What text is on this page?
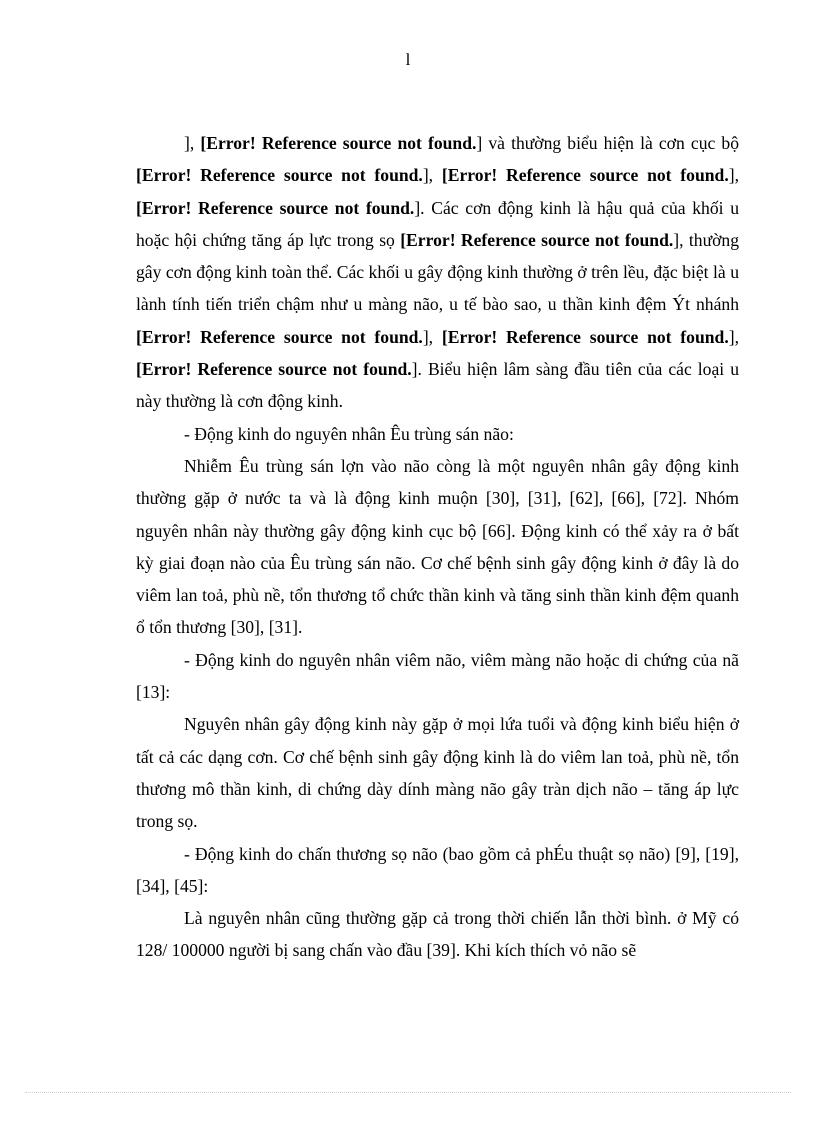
l

], [Error! Reference source not found.] và thường biểu hiện là cơn cục bộ [Error! Reference source not found.], [Error! Reference source not found.], [Error! Reference source not found.]. Các cơn động kinh là hậu quả của khối u hoặc hội chứng tăng áp lực trong sọ [Error! Reference source not found.], thường gây cơn động kinh toàn thể. Các khối u gây động kinh thường ở trên lều, đặc biệt là u lành tính tiến triển chậm như u màng não, u tế bào sao, u thần kinh đệm Ýt nhánh [Error! Reference source not found.], [Error! Reference source not found.], [Error! Reference source not found.]. Biểu hiện lâm sàng đầu tiên của các loại u này thường là cơn động kinh.

- Động kinh do nguyên nhân Êu trùng sán não:

Nhiễm Êu trùng sán lợn vào não còng là một nguyên nhân gây động kinh thường gặp ở nước ta và là động kinh muộn [30], [31], [62], [66], [72]. Nhóm nguyên nhân này thường gây động kinh cục bộ [66]. Động kinh có thể xảy ra ở bất kỳ giai đoạn nào của Êu trùng sán não. Cơ chế bệnh sinh gây động kinh ở đây là do viêm lan toả, phù nề, tổn thương tổ chức thần kinh và tăng sinh thần kinh đệm quanh ổ tổn thương [30], [31].

- Động kinh do nguyên nhân viêm não, viêm màng não hoặc di chứng của nã [13]:

Nguyên nhân gây động kinh này gặp ở mọi lứa tuổi và động kinh biểu hiện ở tất cả các dạng cơn. Cơ chế bệnh sinh gây động kinh là do viêm lan toả, phù nề, tổn thương mô thần kinh, di chứng dày dính màng não gây tràn dịch não – tăng áp lực trong sọ.

- Động kinh do chấn thương sọ não (bao gồm cả phÉu thuật sọ não) [9], [19], [34], [45]:

Là nguyên nhân cũng thường gặp cả trong thời chiến lẫn thời bình. ở Mỹ có 128/ 100000 người bị sang chấn vào đầu [39]. Khi kích thích vỏ não sẽ
